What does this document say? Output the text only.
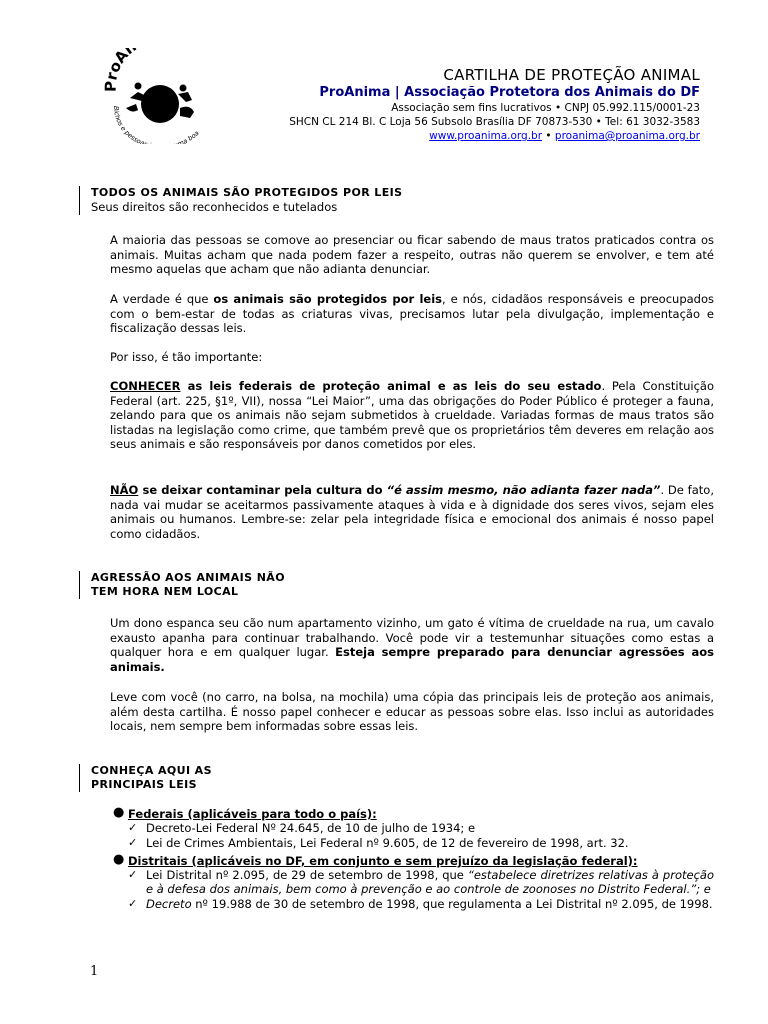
ProA
Bichos e pessoa ma boa
CARTILHA DE PROTEÇÃO ANIMAL
ProAnima | Associação Protetora dos Animais do DF
Associação sem fins lucrativos • CNPJ 05.992.115/0001-23
SHCN CL 214 Bl. C Loja 56 Subsolo Brasília DF 70873-530 • Tel: 61 3032-3583
www.proanima.org.br • proanima@proanima.org.br
TODOS OS ANIMAIS SÃO PROTEGIDOS POR LEIS
Seus direitos são reconhecidos e tutelados
A maioria das pessoas se comove ao presenciar ou ficar sabendo de maus tratos praticados contra os animais. Muitas acham que nada podem fazer a respeito, outras não querem se envolver, e tem até mesmo aquelas que acham que não adianta denunciar.
A verdade é que os animais são protegidos por leis, e nós, cidadãos responsáveis e preocupados com o bem-estar de todas as criaturas vivas, precisamos lutar pela divulgação, implementação e fiscalização dessas leis.
Por isso, é tão importante:
CONHECER as leis federais de proteção animal e as leis do seu estado. Pela Constituição Federal (art. 225, §1º, VII), nossa “Lei Maior”, uma das obrigações do Poder Público é proteger a fauna, zelando para que os animais não sejam submetidos à crueldade. Variadas formas de maus tratos são listadas na legislação como crime, que também prevê que os proprietários têm deveres em relação aos seus animais e são responsáveis por danos cometidos por eles.
NÃO se deixar contaminar pela cultura do “é assim mesmo, não adianta fazer nada”. De fato, nada vai mudar se aceitarmos passivamente ataques à vida e à dignidade dos seres vivos, sejam eles animais ou humanos. Lembre-se: zelar pela integridade física e emocional dos animais é nosso papel como cidadãos.
AGRESSÃO AOS ANIMAIS NÃO
TEM HORA NEM LOCAL
Um dono espanca seu cão num apartamento vizinho, um gato é vítima de crueldade na rua, um cavalo exausto apanha para continuar trabalhando. Você pode vir a testemunhar situações como estas a qualquer hora e em qualquer lugar. Esteja sempre preparado para denunciar agressões aos animais.
Leve com você (no carro, na bolsa, na mochila) uma cópia das principais leis de proteção aos animais, além desta cartilha. É nosso papel conhecer e educar as pessoas sobre elas. Isso inclui as autoridades locais, nem sempre bem informadas sobre essas leis.
CONHEÇA AQUI AS
PRINCIPAIS LEIS
● Federais (aplicáveis para todo o país):
✓ Decreto-Lei Federal Nº 24.645, de 10 de julho de 1934; e
✓ Lei de Crimes Ambientais, Lei Federal nº 9.605, de 12 de fevereiro de 1998, art. 32.
● Distritais (aplicáveis no DF, em conjunto e sem prejuízo da legislação federal):
✓ Lei Distrital nº 2.095, de 29 de setembro de 1998, que “estabelece diretrizes relativas à proteção e à defesa dos animais, bem como à prevenção e ao controle de zoonoses no Distrito Federal.”; e
✓ Decreto nº 19.988 de 30 de setembro de 1998, que regulamenta a Lei Distrital nº 2.095, de 1998.
1
